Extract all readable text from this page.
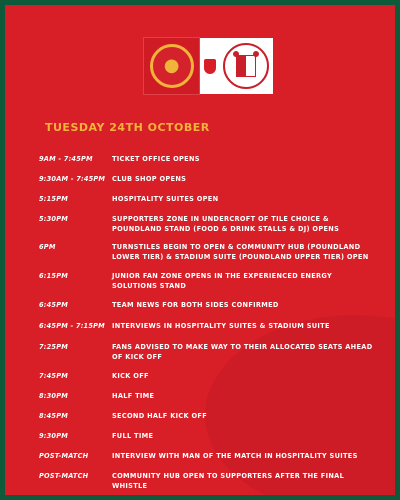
●
TUESDAY 24TH OCTOBER
9AM - 7:45PM	TICKET OFFICE OPENS
9:30AM - 7:45PM	CLUB SHOP OPENS
5:15PM	HOSPITALITY SUITES OPEN
5:30PM	SUPPORTERS ZONE IN UNDERCROFT OF TILE CHOICE & POUNDLAND STAND (FOOD & DRINK STALLS & DJ) OPENS
6PM	TURNSTILES BEGIN TO OPEN & COMMUNITY HUB (POUNDLAND LOWER TIER) & STADIUM SUITE (POUNDLAND UPPER TIER) OPEN
6:15PM	JUNIOR FAN ZONE OPENS IN THE EXPERIENCED ENERGY SOLUTIONS STAND
6:45PM	TEAM NEWS FOR BOTH SIDES CONFIRMED
6:45PM - 7:15PM	INTERVIEWS IN HOSPITALITY SUITES & STADIUM SUITE
7:25PM	FANS ADVISED TO MAKE WAY TO THEIR ALLOCATED SEATS AHEAD OF KICK OFF
7:45PM	KICK OFF
8:30PM	HALF TIME
8:45PM	SECOND HALF KICK OFF
9:30PM	FULL TIME
POST-MATCH	INTERVIEW WITH MAN OF THE MATCH IN HOSPITALITY SUITES
POST-MATCH	COMMUNITY HUB OPEN TO SUPPORTERS AFTER THE FINAL WHISTLE
